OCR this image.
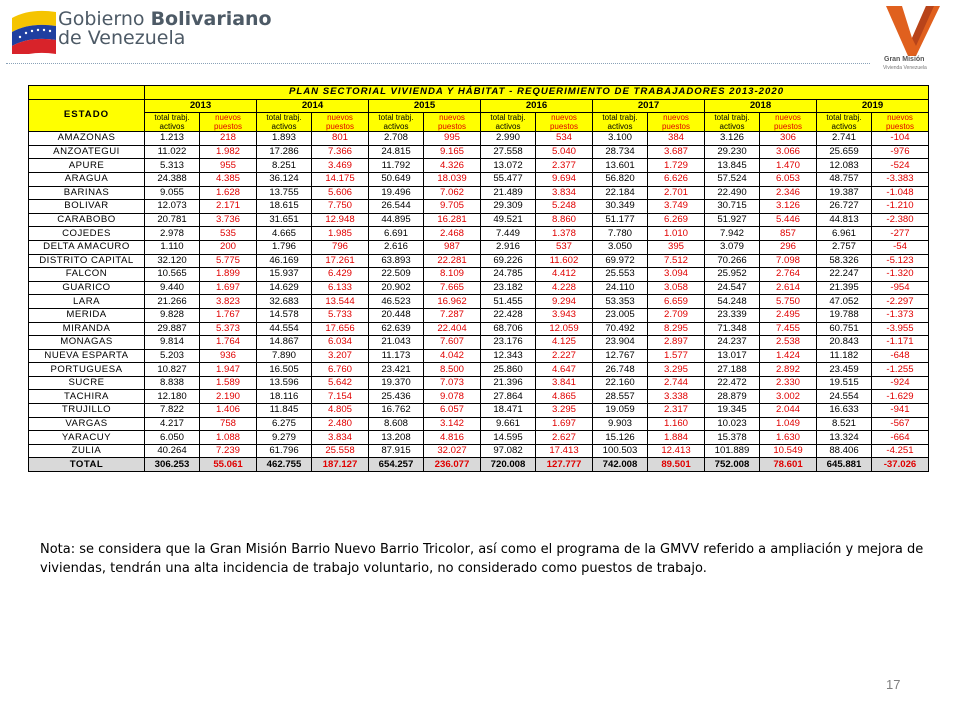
Gobierno Bolivariano
de Venezuela
Gran Misión
Vivienda Venezuela
	PLAN SECTORIAL VIVIENDA Y HÁBITAT - REQUERIMIENTO DE TRABAJADORES 2013-2020													
ESTADO	2013		2014		2015		2016		2017		2018		2019	
	total trabj. activos	nuevos puestos	total trabj. activos	nuevos puestos	total trabj. activos	nuevos puestos	total trabj. activos	nuevos puestos	total trabj. activos	nuevos puestos	total trabj. activos	nuevos puestos	total trabj. activos	nuevos puestos
AMAZONAS	1.213	218	1.893	801	2.708	995	2.990	534	3.100	384	3.126	306	2.741	-104
ANZOATEGUI	11.022	1.982	17.286	7.366	24.815	9.165	27.558	5.040	28.734	3.687	29.230	3.066	25.659	-976
APURE	5.313	955	8.251	3.469	11.792	4.326	13.072	2.377	13.601	1.729	13.845	1.470	12.083	-524
ARAGUA	24.388	4.385	36.124	14.175	50.649	18.039	55.477	9.694	56.820	6.626	57.524	6.053	48.757	-3.383
BARINAS	9.055	1.628	13.755	5.606	19.496	7.062	21.489	3.834	22.184	2.701	22.490	2.346	19.387	-1.048
BOLIVAR	12.073	2.171	18.615	7.750	26.544	9.705	29.309	5.248	30.349	3.749	30.715	3.126	26.727	-1.210
CARABOBO	20.781	3.736	31.651	12.948	44.895	16.281	49.521	8.860	51.177	6.269	51.927	5.446	44.813	-2.380
COJEDES	2.978	535	4.665	1.985	6.691	2.468	7.449	1.378	7.780	1.010	7.942	857	6.961	-277
DELTA AMACURO	1.110	200	1.796	796	2.616	987	2.916	537	3.050	395	3.079	296	2.757	-54
DISTRITO CAPITAL	32.120	5.775	46.169	17.261	63.893	22.281	69.226	11.602	69.972	7.512	70.266	7.098	58.326	-5.123
FALCON	10.565	1.899	15.937	6.429	22.509	8.109	24.785	4.412	25.553	3.094	25.952	2.764	22.247	-1.320
GUARICO	9.440	1.697	14.629	6.133	20.902	7.665	23.182	4.228	24.110	3.058	24.547	2.614	21.395	-954
LARA	21.266	3.823	32.683	13.544	46.523	16.962	51.455	9.294	53.353	6.659	54.248	5.750	47.052	-2.297
MERIDA	9.828	1.767	14.578	5.733	20.448	7.287	22.428	3.943	23.005	2.709	23.339	2.495	19.788	-1.373
MIRANDA	29.887	5.373	44.554	17.656	62.639	22.404	68.706	12.059	70.492	8.295	71.348	7.455	60.751	-3.955
MONAGAS	9.814	1.764	14.867	6.034	21.043	7.607	23.176	4.125	23.904	2.897	24.237	2.538	20.843	-1.171
NUEVA ESPARTA	5.203	936	7.890	3.207	11.173	4.042	12.343	2.227	12.767	1.577	13.017	1.424	11.182	-648
PORTUGUESA	10.827	1.947	16.505	6.760	23.421	8.500	25.860	4.647	26.748	3.295	27.188	2.892	23.459	-1.255
SUCRE	8.838	1.589	13.596	5.642	19.370	7.073	21.396	3.841	22.160	2.744	22.472	2.330	19.515	-924
TACHIRA	12.180	2.190	18.116	7.154	25.436	9.078	27.864	4.865	28.557	3.338	28.879	3.002	24.554	-1.629
TRUJILLO	7.822	1.406	11.845	4.805	16.762	6.057	18.471	3.295	19.059	2.317	19.345	2.044	16.633	-941
VARGAS	4.217	758	6.275	2.480	8.608	3.142	9.661	1.697	9.903	1.160	10.023	1.049	8.521	-567
YARACUY	6.050	1.088	9.279	3.834	13.208	4.816	14.595	2.627	15.126	1.884	15.378	1.630	13.324	-664
ZULIA	40.264	7.239	61.796	25.558	87.915	32.027	97.082	17.413	100.503	12.413	101.889	10.549	88.406	-4.251
TOTAL	306.253	55.061	462.755	187.127	654.257	236.077	720.008	127.777	742.008	89.501	752.008	78.601	645.881	-37.026
Nota: se considera que la Gran Misión Barrio Nuevo Barrio Tricolor, así como el programa de la GMVV referido a ampliación y mejora de viviendas, tendrán una alta incidencia de trabajo voluntario, no considerado como puestos de trabajo.
17
